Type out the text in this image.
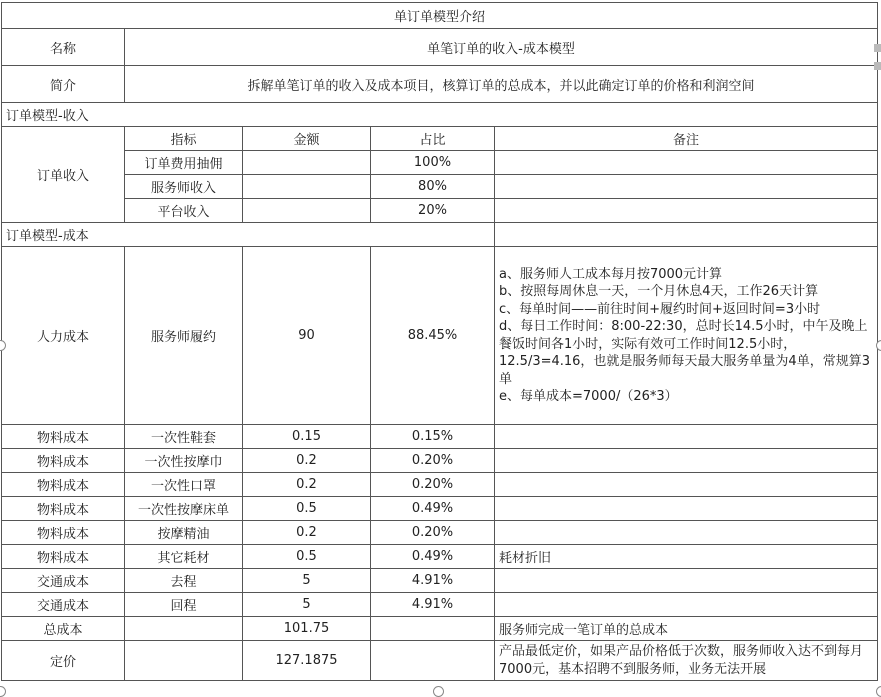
单订单模型介绍				
名称	单笔订单的收入-成本模型			
简介	拆解单笔订单的收入及成本项目，核算订单的总成本，并以此确定订单的价格和利润空间			
订单模型-收入				
订单收入	指标	金额	占比	备注
	订单费用抽佣		100%	
	服务师收入		80%	
	平台收入		20%	
订单模型-成本				
人力成本	服务师履约	90	88.45%	a、服务师人工成本每月按7000元计算
b、按照每周休息一天，一个月休息4天，工作26天计算
c、每单时间——前往时间+履约时间+返回时间=3小时
d、每日工作时间：8:00-22:30，总时长14.5小时，中午及晚上餐饭时间各1小时，实际有效可工作时间12.5小时，12.5/3=4.16，也就是服务师每天最大服务单量为4单，常规算3单
e、每单成本=7000/（26*3）

物料成本	一次性鞋套	0.15	0.15%	
物料成本	一次性按摩巾	0.2	0.20%	
物料成本	一次性口罩	0.2	0.20%	
物料成本	一次性按摩床单	0.5	0.49%	
物料成本	按摩精油	0.2	0.20%	
物料成本	其它耗材	0.5	0.49%	耗材折旧
交通成本	去程	5	4.91%	
交通成本	回程	5	4.91%	
总成本		101.75		服务师完成一笔订单的总成本
定价		127.1875		产品最低定价，如果产品价格低于次数，服务师收入达不到每月7000元，基本招聘不到服务师，业务无法开展
